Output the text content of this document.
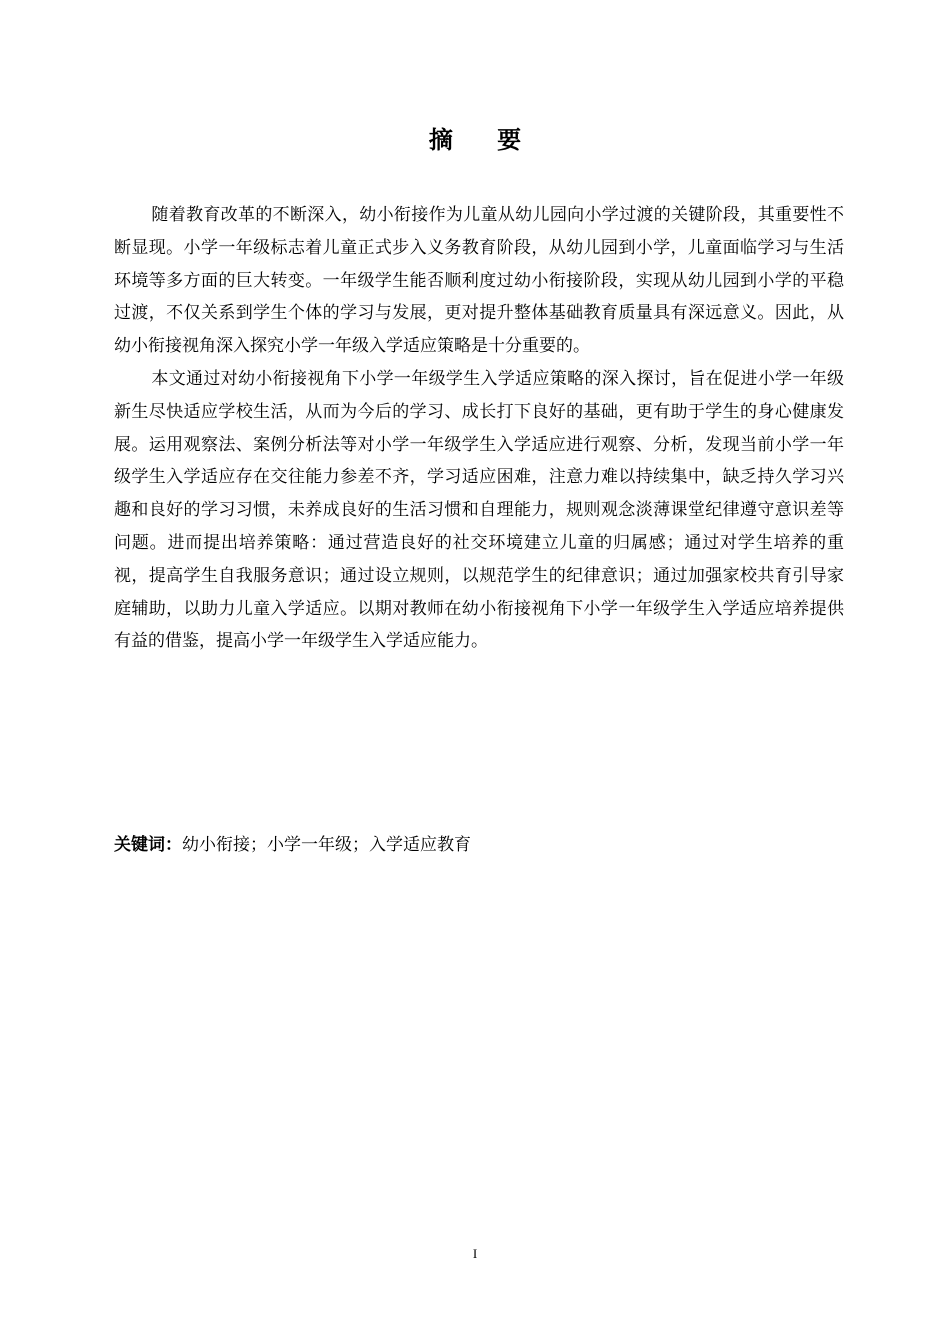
摘 要

随着教育改革的不断深入，幼小衔接作为儿童从幼儿园向小学过渡的关键阶段，其重要性不断显现。小学一年级标志着儿童正式步入义务教育阶段，从幼儿园到小学，儿童面临学习与生活环境等多方面的巨大转变。一年级学生能否顺利度过幼小衔接阶段，实现从幼儿园到小学的平稳过渡，不仅关系到学生个体的学习与发展，更对提升整体基础教育质量具有深远意义。因此，从幼小衔接视角深入探究小学一年级入学适应策略是十分重要的。

本文通过对幼小衔接视角下小学一年级学生入学适应策略的深入探讨，旨在促进小学一年级新生尽快适应学校生活，从而为今后的学习、成长打下良好的基础，更有助于学生的身心健康发展。运用观察法、案例分析法等对小学一年级学生入学适应进行观察、分析，发现当前小学一年级学生入学适应存在交往能力参差不齐，学习适应困难，注意力难以持续集中，缺乏持久学习兴趣和良好的学习习惯，未养成良好的生活习惯和自理能力，规则观念淡薄课堂纪律遵守意识差等问题。进而提出培养策略：通过营造良好的社交环境建立儿童的归属感；通过对学生培养的重视，提高学生自我服务意识；通过设立规则，以规范学生的纪律意识；通过加强家校共育引导家庭辅助，以助力儿童入学适应。以期对教师在幼小衔接视角下小学一年级学生入学适应培养提供有益的借鉴，提高小学一年级学生入学适应能力。

关键词：幼小衔接；小学一年级；入学适应教育
I
